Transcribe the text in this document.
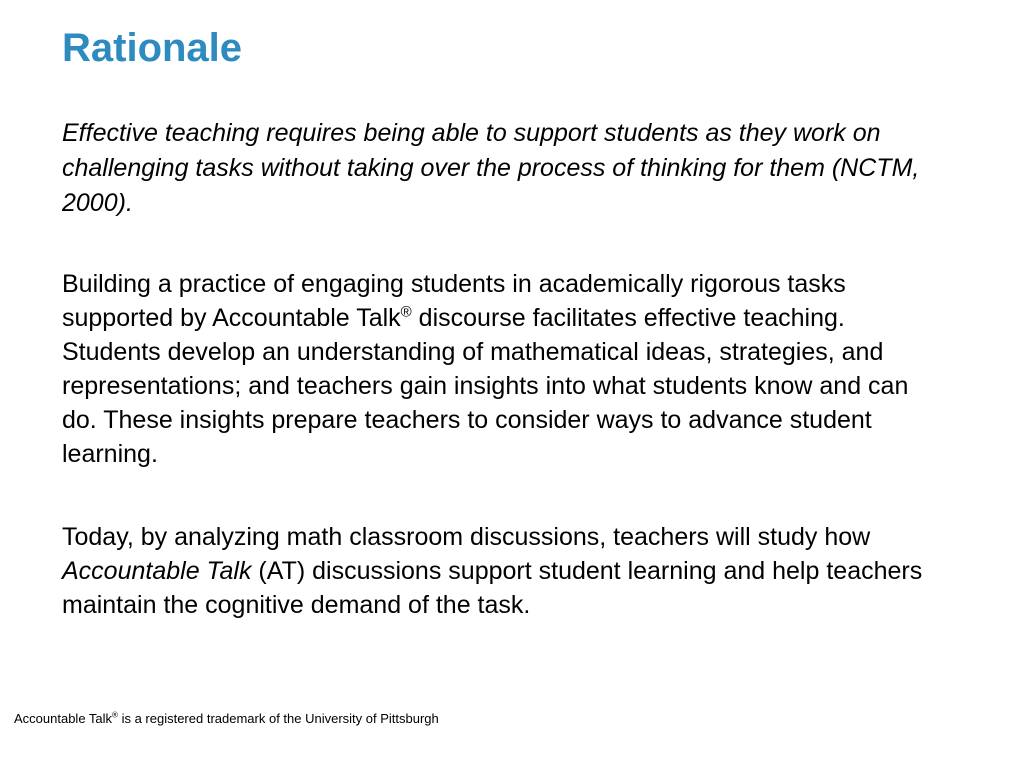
Rationale

Effective teaching requires being able to support students as they work on challenging tasks without taking over the process of thinking for them (NCTM, 2000).

Building a practice of engaging students in academically rigorous tasks supported by Accountable Talk® discourse facilitates effective teaching. Students develop an understanding of mathematical ideas, strategies, and representations; and teachers gain insights into what students know and can do. These insights prepare teachers to consider ways to advance student learning.

Today, by analyzing math classroom discussions, teachers will study how Accountable Talk (AT) discussions support student learning and help teachers maintain the cognitive demand of the task.

Accountable Talk® is a registered trademark of the University of Pittsburgh
